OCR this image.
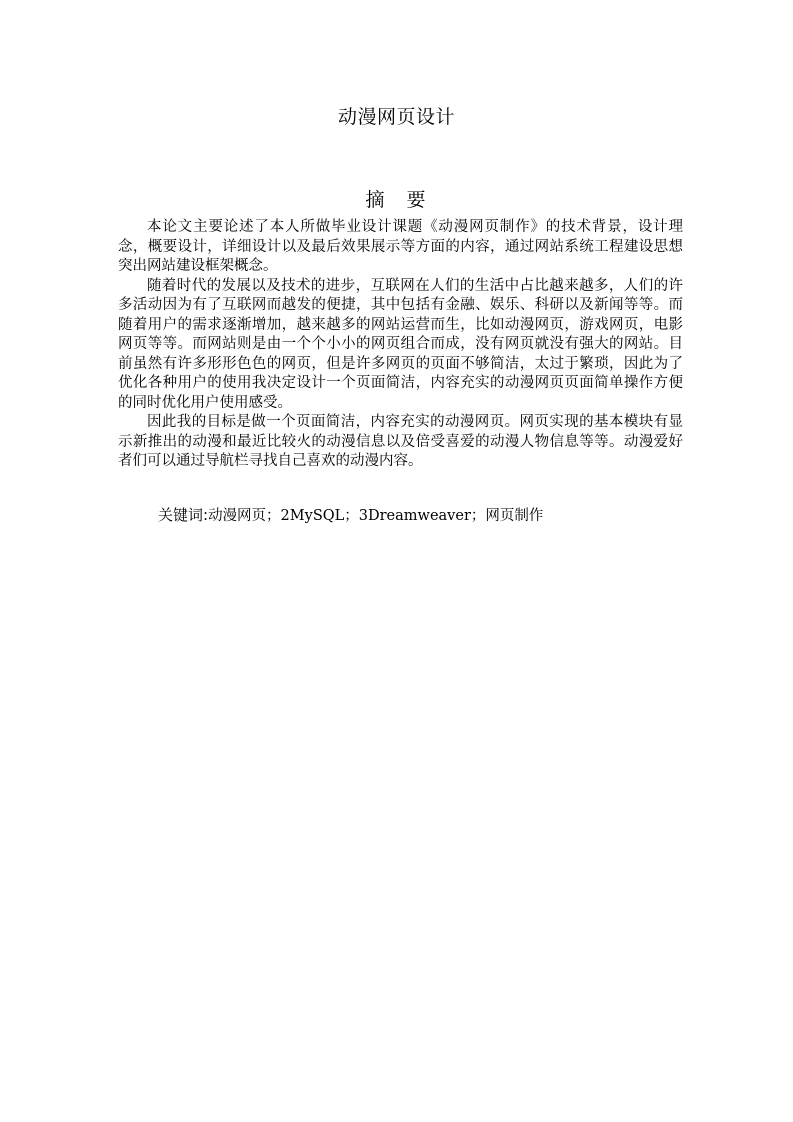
动漫网页设计
摘 要

本论文主要论述了本人所做毕业设计课题《动漫网页制作》的技术背景，设计理念，概要设计，详细设计以及最后效果展示等方面的内容，通过网站系统工程建设思想突出网站建设框架概念。

随着时代的发展以及技术的进步，互联网在人们的生活中占比越来越多，人们的许多活动因为有了互联网而越发的便捷，其中包括有金融、娱乐、科研以及新闻等等。而随着用户的需求逐渐增加，越来越多的网站运营而生，比如动漫网页，游戏网页，电影网页等等。而网站则是由一个个小小的网页组合而成，没有网页就没有强大的网站。目前虽然有许多形形色色的网页，但是许多网页的页面不够简洁，太过于繁琐，因此为了优化各种用户的使用我决定设计一个页面简洁，内容充实的动漫网页页面简单操作方便的同时优化用户使用感受。

因此我的目标是做一个页面简洁，内容充实的动漫网页。网页实现的基本模块有显示新推出的动漫和最近比较火的动漫信息以及倍受喜爱的动漫人物信息等等。动漫爱好者们可以通过导航栏寻找自己喜欢的动漫内容。

关键词:动漫网页；2MySQL；3Dreamweaver；网页制作
